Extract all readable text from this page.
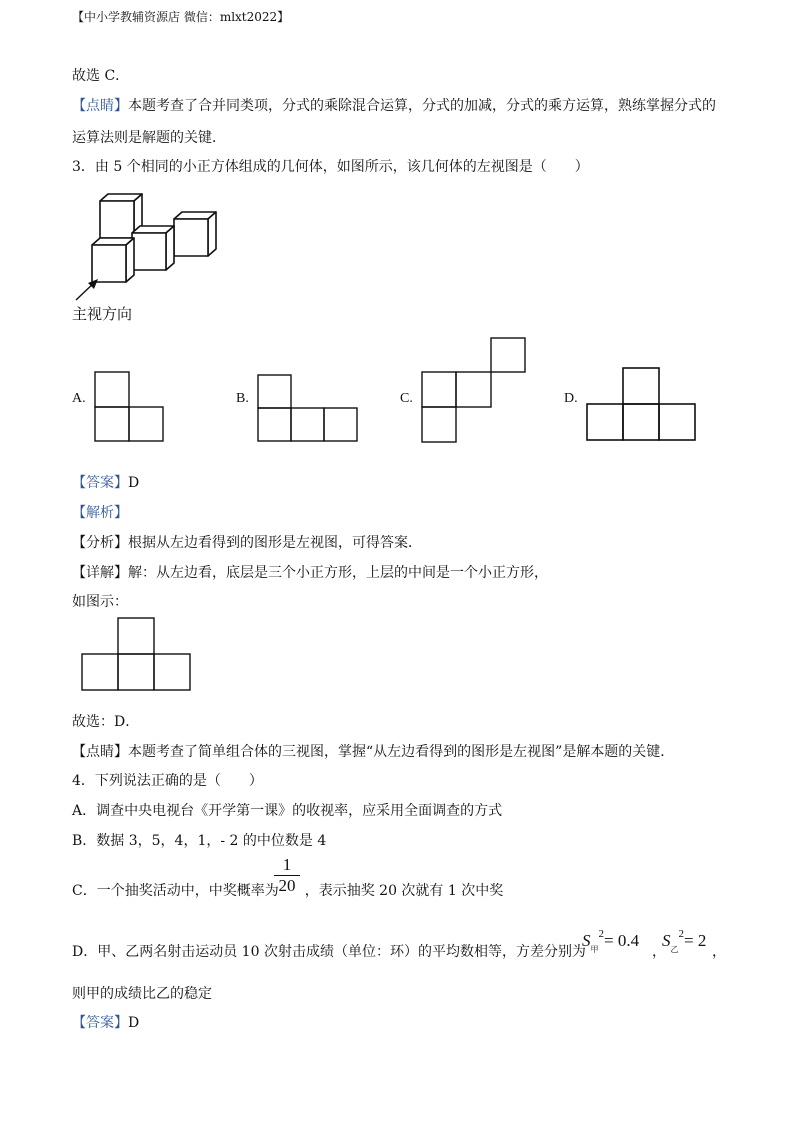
【中小学教辅资源店 微信：mlxt2022】
故选 C．
【点睛】本题考查了合并同类项，分式的乘除混合运算，分式的加减，分式的乘方运算，熟练掌握分式的
运算法则是解题的关键．
3．由 5 个相同的小正方体组成的几何体，如图所示，该几何体的左视图是（　　）
主视方向
A.	B.	C.	D.
【答案】D
【解析】
【分析】根据从左边看得到的图形是左视图，可得答案．
【详解】解：从左边看，底层是三个小正方形，上层的中间是一个小正方形，
如图示：
故选：D．
【点睛】本题考查了简单组合体的三视图，掌握“从左边看得到的图形是左视图”是解本题的关键．
4．下列说法正确的是（　　）
A．调查中央电视台《开学第一课》的收视率，应采用全面调查的方式
B．数据 3，5，4，1，- 2 的中位数是 4
C．一个抽奖活动中，中奖概率为 ，表示抽奖 20 次就有 1 次中奖
$\frac{1}{20}$
D．甲、乙两名射击运动员 10 次射击成绩（单位：环）的平均数相等，方差分别为
$S_甲^2= 0.4$
，
$S_乙^2= 2$
，
则甲的成绩比乙的稳定
【答案】D
